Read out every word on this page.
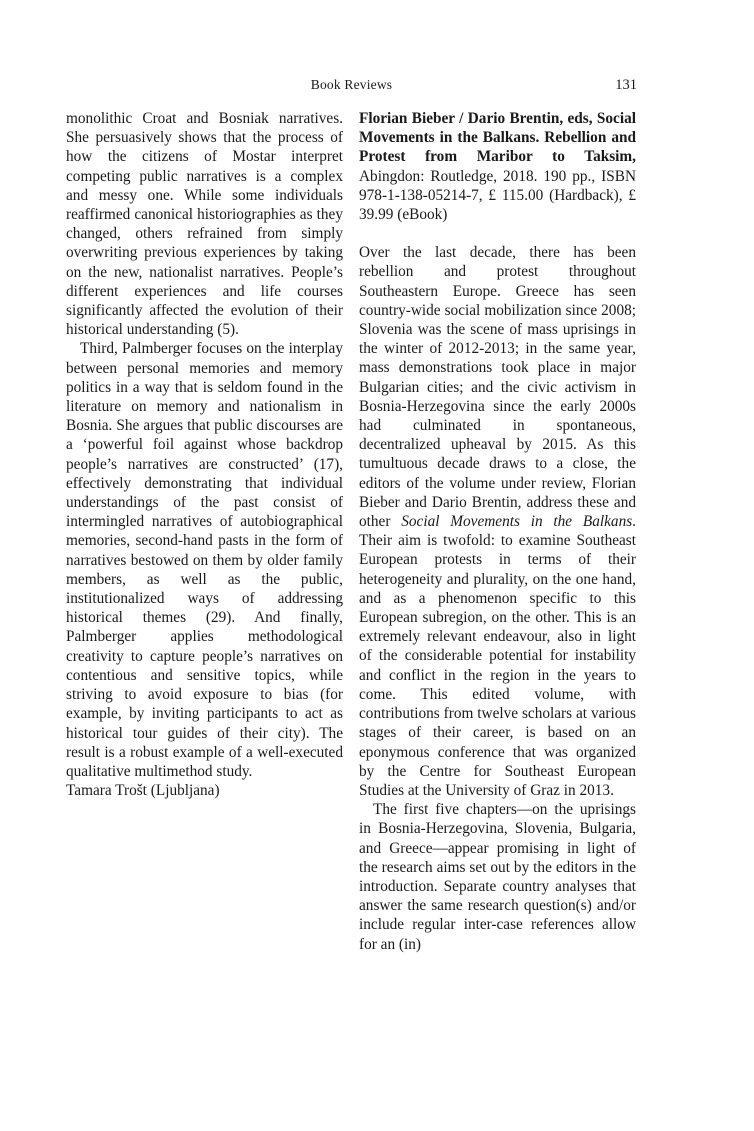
Book Reviews	131

monolithic Croat and Bosniak narratives. She persuasively shows that the process of how the citizens of Mostar interpret competing public narratives is a complex and messy one. While some individuals reaffirmed canonical historiographies as they changed, others refrained from simply overwriting previous experiences by taking on the new, nationalist narratives. People’s different experiences and life courses significantly affected the evolution of their historical understanding (5).

Third, Palmberger focuses on the interplay between personal memories and memory politics in a way that is seldom found in the literature on memory and nationalism in Bosnia. She argues that public discourses are a ‘powerful foil against whose backdrop people’s narratives are constructed’ (17), effectively demonstrating that individual understandings of the past consist of intermingled narratives of autobiographical memories, second-hand pasts in the form of narratives bestowed on them by older family members, as well as the public, institutionalized ways of addressing historical themes (29). And finally, Palmberger applies methodological creativity to capture people’s narratives on contentious and sensitive topics, while striving to avoid exposure to bias (for example, by inviting participants to act as historical tour guides of their city). The result is a robust example of a well-executed qualitative multimethod study.

Tamara Trošt (Ljubljana)

Florian Bieber / Dario Brentin, eds, Social Movements in the Balkans. Rebellion and Protest from Maribor to Taksim, Abingdon: Routledge, 2018. 190 pp., ISBN 978-1-138-05214-7, £ 115.00 (Hardback), £ 39.99 (eBook)

Over the last decade, there has been rebellion and protest throughout Southeastern Europe. Greece has seen country-wide social mobilization since 2008; Slovenia was the scene of mass uprisings in the winter of 2012-2013; in the same year, mass demonstrations took place in major Bulgarian cities; and the civic activism in Bosnia-Herzegovina since the early 2000s had culminated in spontaneous, decentralized upheaval by 2015. As this tumultuous decade draws to a close, the editors of the volume under review, Florian Bieber and Dario Brentin, address these and other Social Movements in the Balkans. Their aim is twofold: to examine Southeast European protests in terms of their heterogeneity and plurality, on the one hand, and as a phenomenon specific to this European subregion, on the other. This is an extremely relevant endeavour, also in light of the considerable potential for instability and conflict in the region in the years to come. This edited volume, with contributions from twelve scholars at various stages of their career, is based on an eponymous conference that was organized by the Centre for Southeast European Studies at the University of Graz in 2013.

The first five chapters—on the uprisings in Bosnia-Herzegovina, Slovenia, Bulgaria, and Greece—appear promising in light of the research aims set out by the editors in the introduction. Separate country analyses that answer the same research question(s) and/or include regular inter-case references allow for an (in)
